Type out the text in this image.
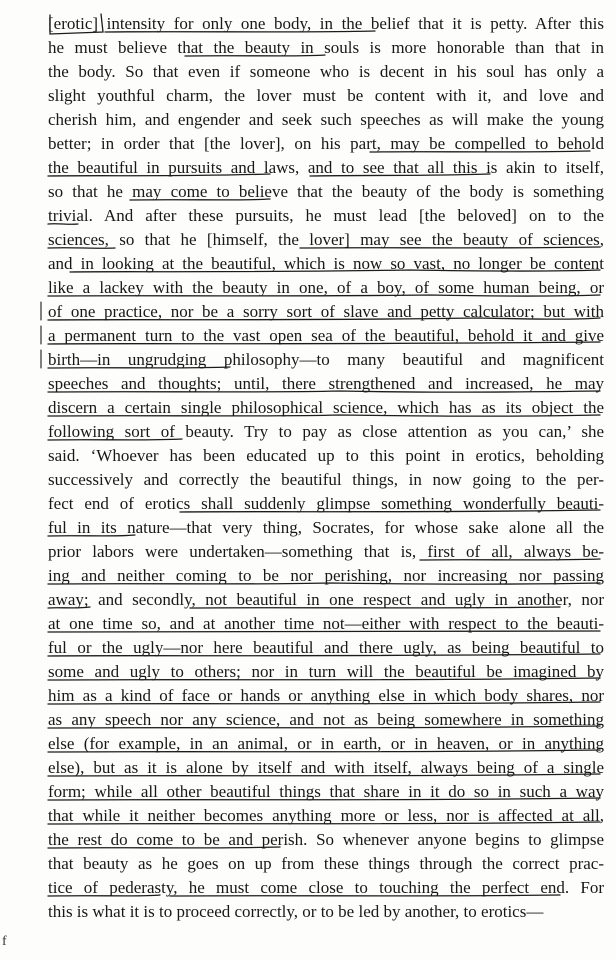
[erotic] intensity for only one body, in the belief that it is petty. After this
he must believe that the beauty in souls is more honorable than that in
the body. So that even if someone who is decent in his soul has only a
slight youthful charm, the lover must be content with it, and love and
cherish him, and engender and seek such speeches as will make the young
better; in order that [the lover], on his part, may be compelled to behold
the beautiful in pursuits and laws, and to see that all this is akin to itself,
so that he may come to believe that the beauty of the body is something
trivial. And after these pursuits, he must lead [the beloved] on to the
sciences, so that he [himself, the lover] may see the beauty of sciences,
and in looking at the beautiful, which is now so vast, no longer be content
like a lackey with the beauty in one, of a boy, of some human being, or
of one practice, nor be a sorry sort of slave and petty calculator; but with
a permanent turn to the vast open sea of the beautiful, behold it and give
birth—in ungrudging philosophy—to many beautiful and magnificent
speeches and thoughts; until, there strengthened and increased, he may
discern a certain single philosophical science, which has as its object the
following sort of beauty. Try to pay as close attention as you can,’ she
said. ‘Whoever has been educated up to this point in erotics, beholding
successively and correctly the beautiful things, in now going to the per-
fect end of erotics shall suddenly glimpse something wonderfully beauti-
ful in its nature—that very thing, Socrates, for whose sake alone all the
prior labors were undertaken—something that is, first of all, always be-
ing and neither coming to be nor perishing, nor increasing nor passing
away; and secondly, not beautiful in one respect and ugly in another, nor
at one time so, and at another time not—either with respect to the beauti-
ful or the ugly—nor here beautiful and there ugly, as being beautiful to
some and ugly to others; nor in turn will the beautiful be imagined by
him as a kind of face or hands or anything else in which body shares, nor
as any speech nor any science, and not as being somewhere in something
else (for example, in an animal, or in earth, or in heaven, or in anything
else), but as it is alone by itself and with itself, always being of a single
form; while all other beautiful things that share in it do so in such a way
that while it neither becomes anything more or less, nor is affected at all,
the rest do come to be and perish. So whenever anyone begins to glimpse
that beauty as he goes on up from these things through the correct prac-
tice of pederasty, he must come close to touching the perfect end. For
this is what it is to proceed correctly, or to be led by another, to erotics—
f
